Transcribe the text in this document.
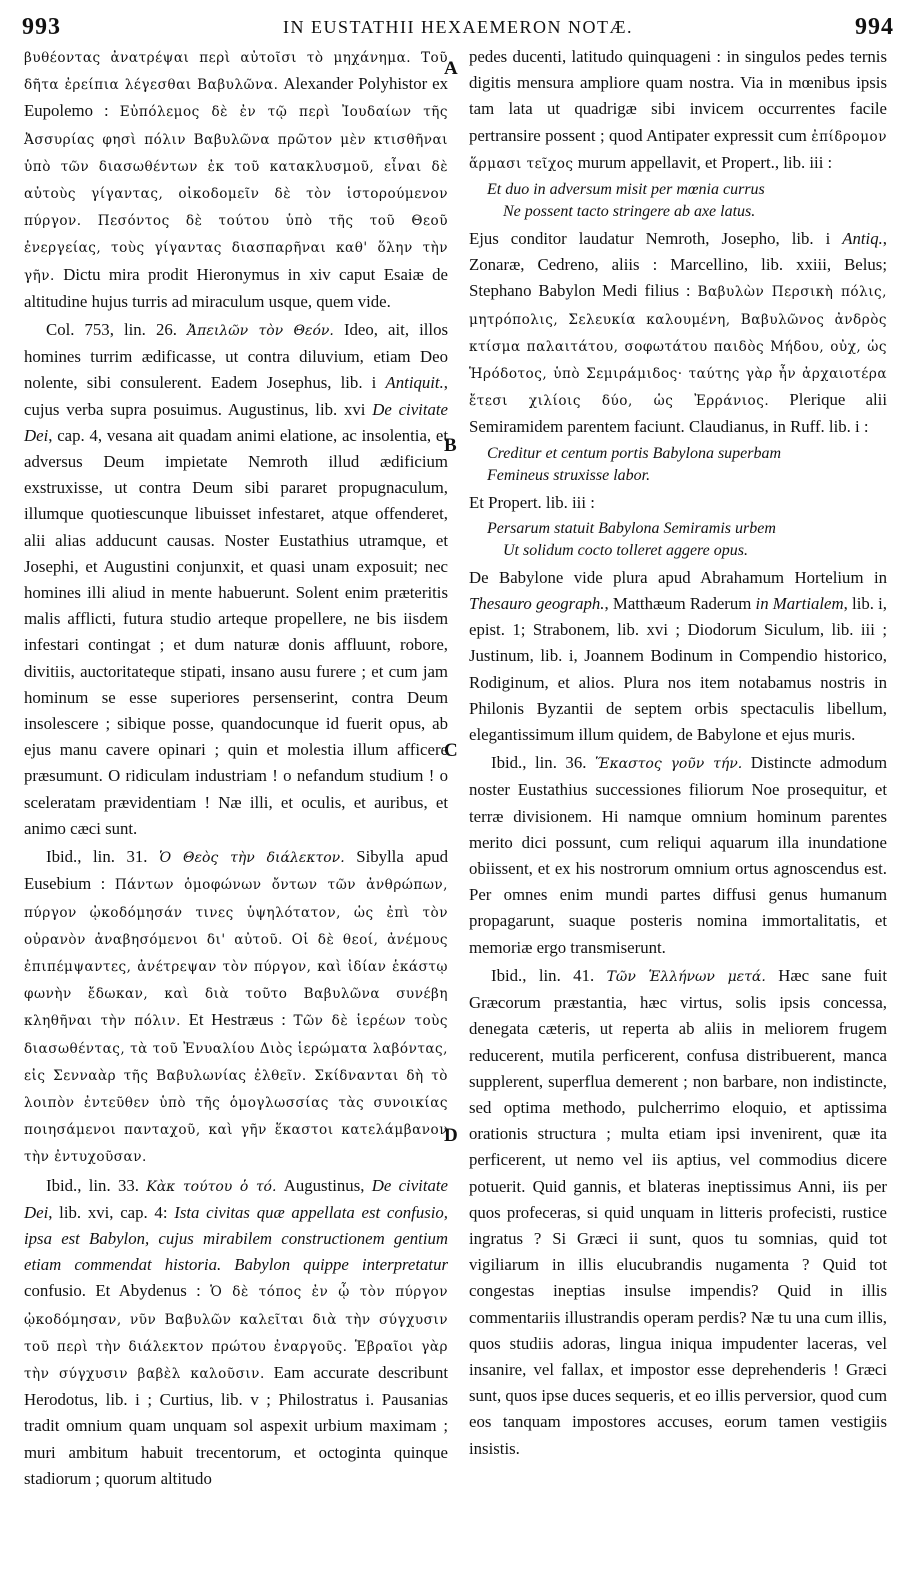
993	IN EUSTATHII HEXAEMERON NOTÆ.	994
A
B
C
D

βυθέοντας ἀνατρέψαι περὶ αὐτοῖσι τὸ μηχάνημα. Τοῦ δῆτα ἐρείπια λέγεσθαι Βαβυλῶνα. Alexander Polyhistor ex Eupolemo : Εὐπόλεμος δὲ ἐν τῷ περὶ Ἰουδαίων τῆς Ἀσσυρίας φησὶ πόλιν Βαβυλῶνα πρῶτον μὲν κτισθῆναι ὑπὸ τῶν διασωθέντων ἐκ τοῦ κατακλυσμοῦ, εἶναι δὲ αὐτοὺς γίγαντας, οἰκοδομεῖν δὲ τὸν ἱστορούμενον πύργον. Πεσόντος δὲ τούτου ὑπὸ τῆς τοῦ Θεοῦ ἐνεργείας, τοὺς γίγαντας διασπαρῆναι καθ' ὅλην τὴν γῆν. Dictu mira prodit Hieronymus in xiv caput Esaiæ de altitudine hujus turris ad miraculum usque, quem vide.

Col. 753, lin. 26. Ἀπειλῶν τὸν Θεόν. Ideo, ait, illos homines turrim ædificasse, ut contra diluvium, etiam Deo nolente, sibi consulerent. Eadem Josephus, lib. i Antiquit., cujus verba supra posuimus. Augustinus, lib. xvi De civitate Dei, cap. 4, vesana ait quadam animi elatione, ac insolentia, et adversus Deum impietate Nemroth illud ædificium exstruxisse, ut contra Deum sibi pararet propugnaculum, illumque quotiescunque libuisset infestaret, atque offenderet, alii alias adducunt causas. Noster Eustathius utramque, et Josephi, et Augustini conjunxit, et quasi unam exposuit; nec homines illi aliud in mente habuerunt. Solent enim præteritis malis afflicti, futura studio arteque propellere, ne bis iisdem infestari contingat ; et dum naturæ donis affluunt, robore, divitiis, auctoritateque stipati, insano ausu furere ; et cum jam hominum se esse superiores persenserint, contra Deum insolescere ; sibique posse, quandocunque id fuerit opus, ab ejus manu cavere opinari ; quin et molestia illum afficere præsumunt. O ridiculam industriam ! o nefandum studium ! o sceleratam prævidentiam ! Næ illi, et oculis, et auribus, et animo cæci sunt.

Ibid., lin. 31. Ὁ Θεὸς τὴν διάλεκτον. Sibylla apud Eusebium : Πάντων ὁμοφώνων ὄντων τῶν ἀνθρώπων, πύργον ᾠκοδόμησάν τινες ὑψηλότατον, ὡς ἐπὶ τὸν οὐρανὸν ἀναβησόμενοι δι' αὐτοῦ. Οἱ δὲ θεοί, ἀνέμους ἐπιπέμψαντες, ἀνέτρεψαν τὸν πύργον, καὶ ἰδίαν ἑκάστῳ φωνὴν ἔδωκαν, καὶ διὰ τοῦτο Βαβυλῶνα συνέβη κληθῆναι τὴν πόλιν. Et Hestræus : Τῶν δὲ ἱερέων τοὺς διασωθέντας, τὰ τοῦ Ἐνυαλίου Διὸς ἱερώματα λαβόντας, εἰς Σενναὰρ τῆς Βαβυλωνίας ἐλθεῖν. Σκίδνανται δὴ τὸ λοιπὸν ἐντεῦθεν ὑπὸ τῆς ὁμογλωσσίας τὰς συνοικίας ποιησάμενοι πανταχοῦ, καὶ γῆν ἕκαστοι κατελάμβανον τὴν ἐντυχοῦσαν.

Ibid., lin. 33. Κὰκ τούτου ὁ τό. Augustinus, De civitate Dei, lib. xvi, cap. 4: Ista civitas quæ appellata est confusio, ipsa est Babylon, cujus mirabilem constructionem gentium etiam commendat historia. Babylon quippe interpretatur confusio. Et Abydenus : Ὁ δὲ τόπος ἐν ᾧ τὸν πύργον ᾠκοδόμησαν, νῦν Βαβυλῶν καλεῖται διὰ τὴν σύγχυσιν τοῦ περὶ τὴν διάλεκτον πρώτου ἐναργοῦς. Ἑβραῖοι γὰρ τὴν σύγχυσιν βαβὲλ καλοῦσιν. Eam accurate describunt Herodotus, lib. i ; Curtius, lib. v ; Philostratus i. Pausanias tradit omnium quam unquam sol aspexit urbium maximam ; muri ambitum habuit trecentorum, et octoginta quinque stadiorum ; quorum altitudo

pedes ducenti, latitudo quinquageni : in singulos pedes ternis digitis mensura ampliore quam nostra. Via in mœnibus ipsis tam lata ut quadrigæ sibi invicem occurrentes facile pertransire possent ; quod Antipater expressit cum ἐπίδρομον ἅρμασι τεῖχος murum appellavit, et Propert., lib. iii :

Et duo in adversum misit per mœnia currus
Ne possent tacto stringere ab axe latus.

Ejus conditor laudatur Nemroth, Josepho, lib. i Antiq., Zonaræ, Cedreno, aliis : Marcellino, lib. xxiii, Belus; Stephano Babylon Medi filius : Βαβυλὼν Περσικὴ πόλις, μητρόπολις, Σελευκία καλουμένη, Βαβυλῶνος ἀνδρὸς κτίσμα παλαιτάτου, σοφωτάτου παιδὸς Μήδου, οὐχ, ὡς Ἡρόδοτος, ὑπὸ Σεμιράμιδος· ταύτης γὰρ ἦν ἀρχαιοτέρα ἔτεσι χιλίοις δύο, ὡς Ἐρράνιος. Plerique alii Semiramidem parentem faciunt. Claudianus, in Ruff. lib. i :

Creditur et centum portis Babylona superbam
Femineus struxisse labor.

Et Propert. lib. iii :

Persarum statuit Babylona Semiramis urbem
Ut solidum cocto tolleret aggere opus.

De Babylone vide plura apud Abrahamum Hortelium in Thesauro geograph., Matthæum Raderum in Martialem, lib. i, epist. 1; Strabonem, lib. xvi ; Diodorum Siculum, lib. iii ; Justinum, lib. i, Joannem Bodinum in Compendio historico, Rodiginum, et alios. Plura nos item notabamus nostris in Philonis Byzantii de septem orbis spectaculis libellum, elegantissimum illum quidem, de Babylone et ejus muris.

Ibid., lin. 36. Ἕκαστος γοῦν τήν. Distincte admodum noster Eustathius successiones filiorum Noe prosequitur, et terræ divisionem. Hi namque omnium hominum parentes merito dici possunt, cum reliqui aquarum illa inundatione obiissent, et ex his nostrorum omnium ortus agnoscendus est. Per omnes enim mundi partes diffusi genus humanum propagarunt, suaque posteris nomina immortalitatis, et memoriæ ergo transmiserunt.

Ibid., lin. 41. Τῶν Ἑλλήνων μετά. Hæc sane fuit Græcorum præstantia, hæc virtus, solis ipsis concessa, denegata cæteris, ut reperta ab aliis in meliorem frugem reducerent, mutila perficerent, confusa distribuerent, manca supplerent, superflua demerent ; non barbare, non indistincte, sed optima methodo, pulcherrimo eloquio, et aptissima orationis structura ; multa etiam ipsi invenirent, quæ ita perficerent, ut nemo vel iis aptius, vel commodius dicere potuerit. Quid gannis, et blateras ineptissimus Anni, iis per quos profeceras, si quid unquam in litteris profecisti, rustice ingratus ? Si Græci ii sunt, quos tu somnias, quid tot vigiliarum in illis elucubrandis nugamenta ? Quid tot congestas ineptias insulse impendis? Quid in illis commentariis illustrandis operam perdis? Næ tu una cum illis, quos studiis adoras, lingua iniqua impudenter laceras, vel insanire, vel fallax, et impostor esse deprehenderis ! Græci sunt, quos ipse duces sequeris, et eo illis perversior, quod cum eos tanquam impostores accuses, eorum tamen vestigiis insistis.
